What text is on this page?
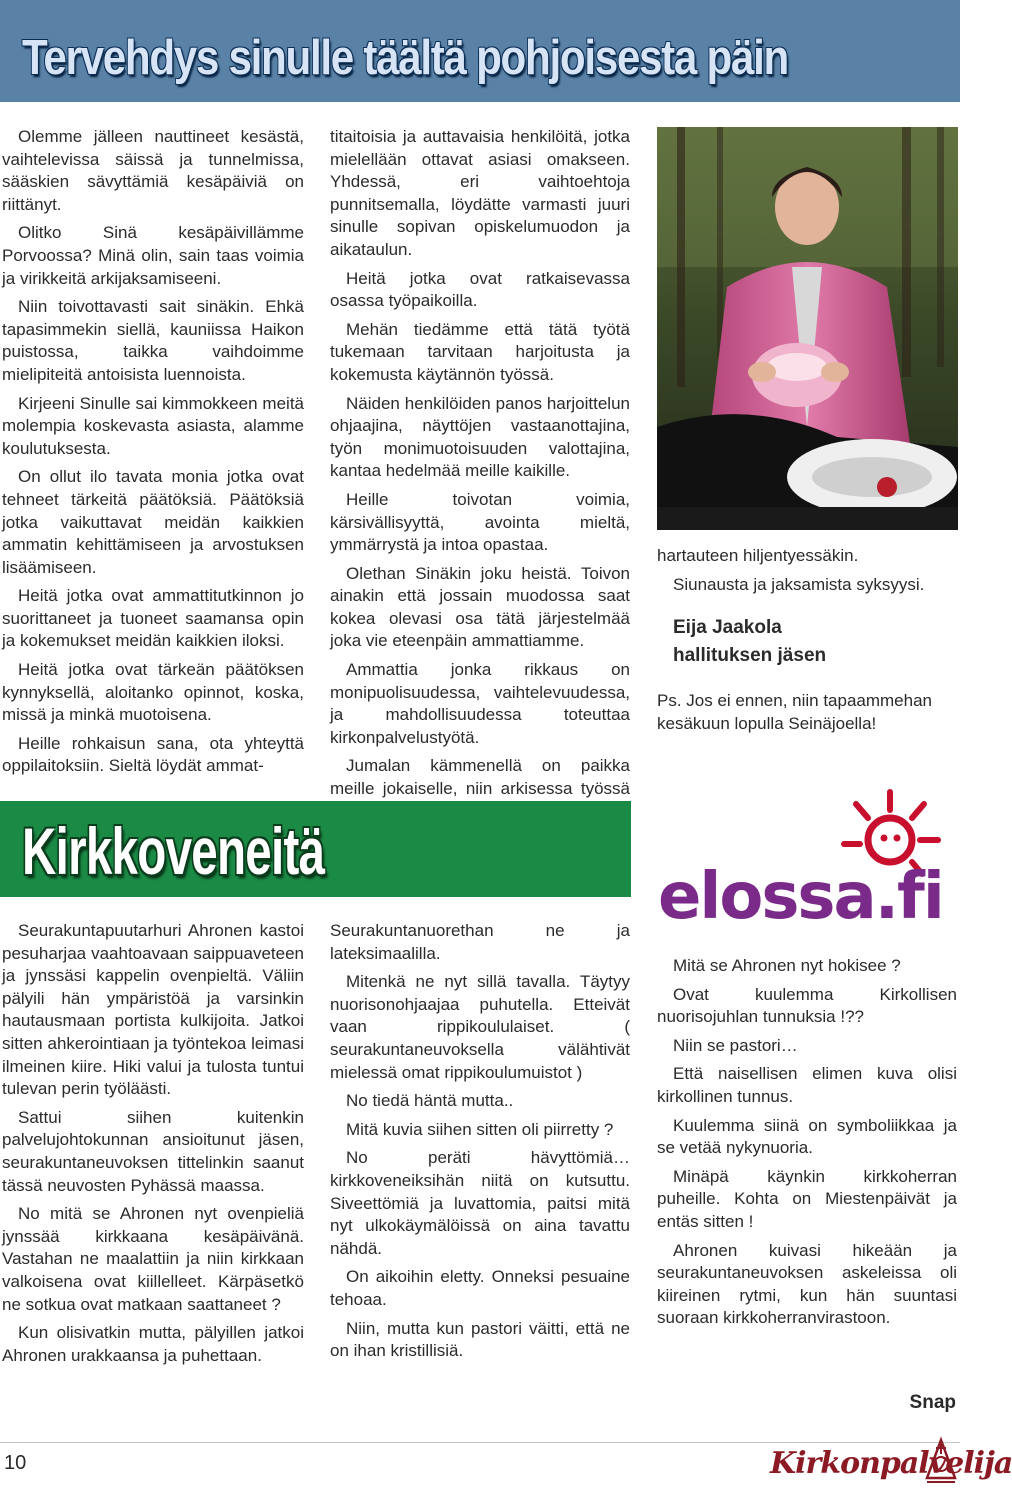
Tervehdys sinulle täältä pohjoisesta päin

Olemme jälleen nauttineet kesästä, vaihtelevissa säissä ja tunnelmissa, sääskien sävyttämiä kesäpäiviä on riittänyt.

Olitko Sinä kesäpäivillämme Porvoossa? Minä olin, sain taas voimia ja virikkeitä arkijaksamiseeni.

Niin toivottavasti sait sinäkin. Ehkä tapasimmekin siellä, kauniissa Haikon puistossa, taikka vaihdoimme mielipiteitä antoisista luennoista.

Kirjeeni Sinulle sai kimmokkeen meitä molempia koskevasta asiasta, alamme koulutuksesta.

On ollut ilo tavata monia jotka ovat tehneet tärkeitä päätöksiä. Päätöksiä jotka vaikuttavat meidän kaikkien ammatin kehittämiseen ja arvostuksen lisäämiseen.

Heitä jotka ovat ammattitutkinnon jo suorittaneet ja tuoneet saamansa opin ja kokemukset meidän kaikkien iloksi.

Heitä jotka ovat tärkeän päätöksen kynnyksellä, aloitanko opinnot, koska, missä ja minkä muotoisena.

Heille rohkaisun sana, ota yhteyttä oppilaitoksiin. Sieltä löydät ammat-

titaitoisia ja auttavaisia henkilöitä, jotka mielellään ottavat asiasi omakseen. Yhdessä, eri vaihtoehtoja punnitsemalla, löydätte varmasti juuri sinulle sopivan opiskelumuodon ja aikataulun.

Heitä jotka ovat ratkaisevassa osassa työpaikoilla.

Mehän tiedämme että tätä työtä tukemaan tarvitaan harjoitusta ja kokemusta käytännön työssä.

Näiden henkilöiden panos harjoittelun ohjaajina, näyttöjen vastaanottajina, työn monimuotoisuuden valottajina, kantaa hedelmää meille kaikille.

Heille toivotan voimia, kärsivällisyyttä, avointa mieltä, ymmärrystä ja intoa opastaa.

Olethan Sinäkin joku heistä. Toivon ainakin että jossain muodossa saat kokea olevasi osa tätä järjestelmää joka vie eteenpäin ammattiamme.

Ammattia jonka rikkaus on monipuolisuudessa, vaihtelevuudessa, ja mahdollisuudessa toteuttaa kirkonpalvelustyötä.

Jumalan kämmenellä on paikka meille jokaiselle, niin arkisessa työssä

hartauteen hiljentyessäkin.

Siunausta ja jaksamista syksyysi.

Eija Jaakola
hallituksen jäsen

Ps. Jos ei ennen, niin tapaammehan kesäkuun lopulla Seinäjoella!

Kirkkoveneitä
elossa.fi

Seurakuntapuutarhuri Ahronen kastoi pesuharjaa vaahtoavaan saippuaveteen ja jynssäsi kappelin ovenpieltä. Väliin pälyili hän ympäristöä ja varsinkin hautausmaan portista kulkijoita. Jatkoi sitten ahkerointiaan ja työntekoa leimasi ilmeinen kiire. Hiki valui ja tulosta tuntui tulevan perin työläästi.

Sattui siihen kuitenkin palvelujohtokunnan ansioitunut jäsen, seurakuntaneuvoksen tittelinkin saanut tässä neuvosten Pyhässä maassa.

No mitä se Ahronen nyt ovenpieliä jynssää kirkkaana kesäpäivänä. Vastahan ne maalattiin ja niin kirkkaan valkoisena ovat kiillelleet. Kärpäsetkö ne sotkua ovat matkaan saattaneet ?

Kun olisivatkin mutta, pälyillen jatkoi Ahronen urakkaansa ja puhettaan.

Seurakuntanuorethan ne ja lateksimaalilla.

Mitenkä ne nyt sillä tavalla. Täytyy nuorisonohjaajaa puhutella. Etteivät vaan rippikoululaiset. ( seurakuntaneuvoksella välähtivät mielessä omat rippikoulumuistot )

No tiedä häntä mutta..

Mitä kuvia siihen sitten oli piirretty ?

No peräti hävyttömiä…kirkkoveneiksihän niitä on kutsuttu. Siveettömiä ja luvattomia, paitsi mitä nyt ulkokäymälöissä on aina tavattu nähdä.

On aikoihin eletty. Onneksi pesuaine tehoaa.

Niin, mutta kun pastori väitti, että ne on ihan kristillisiä.

Mitä se Ahronen nyt hokisee ?

Ovat kuulemma Kirkollisen nuorisojuhlan tunnuksia !??

Niin se pastori…

Että naisellisen elimen kuva olisi kirkollinen tunnus.

Kuulemma siinä on symboliikkaa ja se vetää nykynuoria.

Minäpä käynkin kirkkoherran puheille. Kohta on Miestenpäivät ja entäs sitten !

Ahronen kuivasi hikeään ja seurakuntaneuvoksen askeleissa oli kiireinen rytmi, kun hän suuntasi suoraan kirkkoherranvirastoon.

Snap
10	Kirkonpalvelija
